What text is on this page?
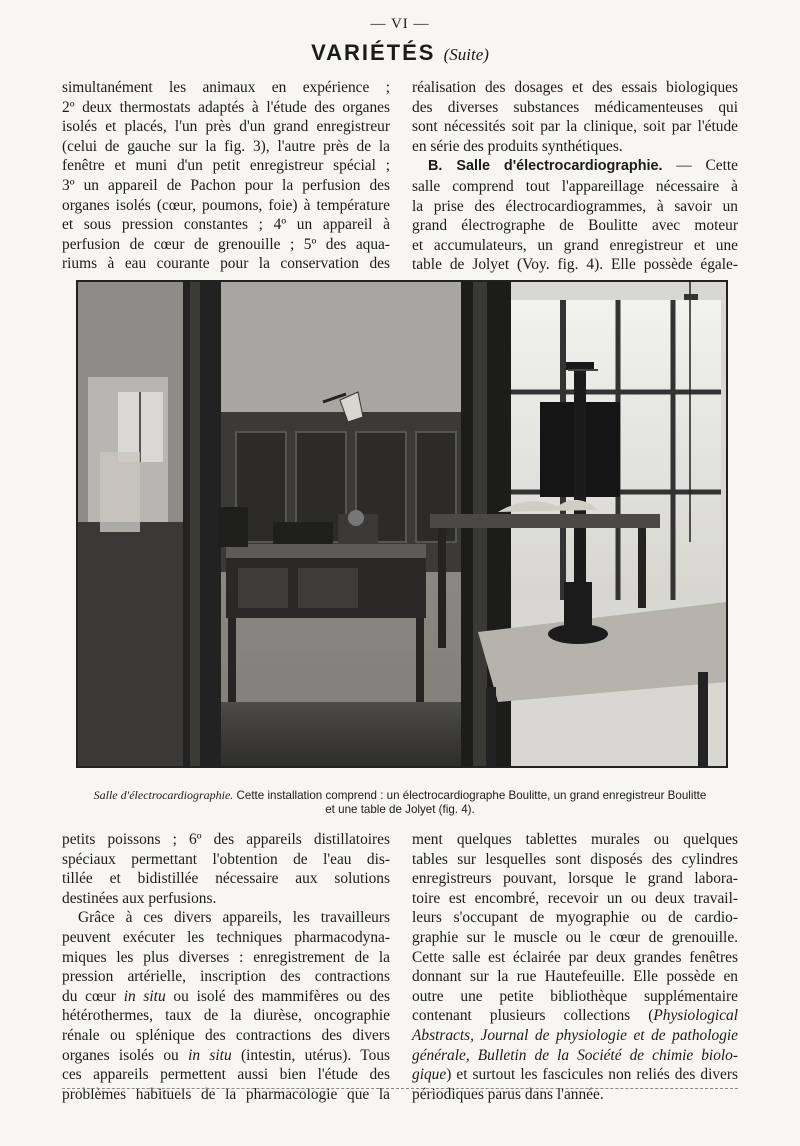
— VI —
VARIÉTÉS (Suite)
simultanément les animaux en expérience ;
2º deux thermostats adaptés à l'étude des organes
isolés et placés, l'un près d'un grand enregistreur
(celui de gauche sur la fig. 3), l'autre près de la
fenêtre et muni d'un petit enregistreur spécial ;
3º un appareil de Pachon pour la perfusion des
organes isolés (cœur, poumons, foie) à température
et sous pression constantes ; 4º un appareil à
perfusion de cœur de grenouille ; 5º des aqua-
riums à eau courante pour la conservation des
réalisation des dosages et des essais biologiques
des diverses substances médicamenteuses qui
sont nécessités soit par la clinique, soit par l'étude
en série des produits synthétiques.
B. Salle d'électrocardiographie. — Cette
salle comprend tout l'appareillage nécessaire à
la prise des électrocardiogrammes, à savoir un
grand électrographe de Boulitte avec moteur
et accumulateurs, un grand enregistreur et une
table de Jolyet (Voy. fig. 4). Elle possède égale-
Salle d'électrocardiographie. Cette installation comprend : un électrocardiographe Boulitte, un grand enregistreur Boulitte
et une table de Jolyet (fig. 4).
petits poissons ; 6º des appareils distillatoires
spéciaux permettant l'obtention de l'eau dis-
tillée et bidistillée nécessaire aux solutions
destinées aux perfusions.
Grâce à ces divers appareils, les travailleurs
peuvent exécuter les techniques pharmacodyna-
miques les plus diverses : enregistrement de la
pression artérielle, inscription des contractions
du cœur in situ ou isolé des mammifères ou des
hétérothermes, taux de la diurèse, oncographie
rénale ou splénique des contractions des divers
organes isolés ou in situ (intestin, utérus). Tous
ces appareils permettent aussi bien l'étude des
problèmes habituels de la pharmacologie que la
ment quelques tablettes murales ou quelques
tables sur lesquelles sont disposés des cylindres
enregistreurs pouvant, lorsque le grand labora-
toire est encombré, recevoir un ou deux travail-
leurs s'occupant de myographie ou de cardio-
graphie sur le muscle ou le cœur de grenouille.
Cette salle est éclairée par deux grandes fenêtres
donnant sur la rue Hautefeuille. Elle possède en
outre une petite bibliothèque supplémentaire
contenant plusieurs collections (Physiological
Abstracts, Journal de physiologie et de pathologie
générale, Bulletin de la Société de chimie biolo-
gique) et surtout les fascicules non reliés des divers
périodiques parus dans l'année.
